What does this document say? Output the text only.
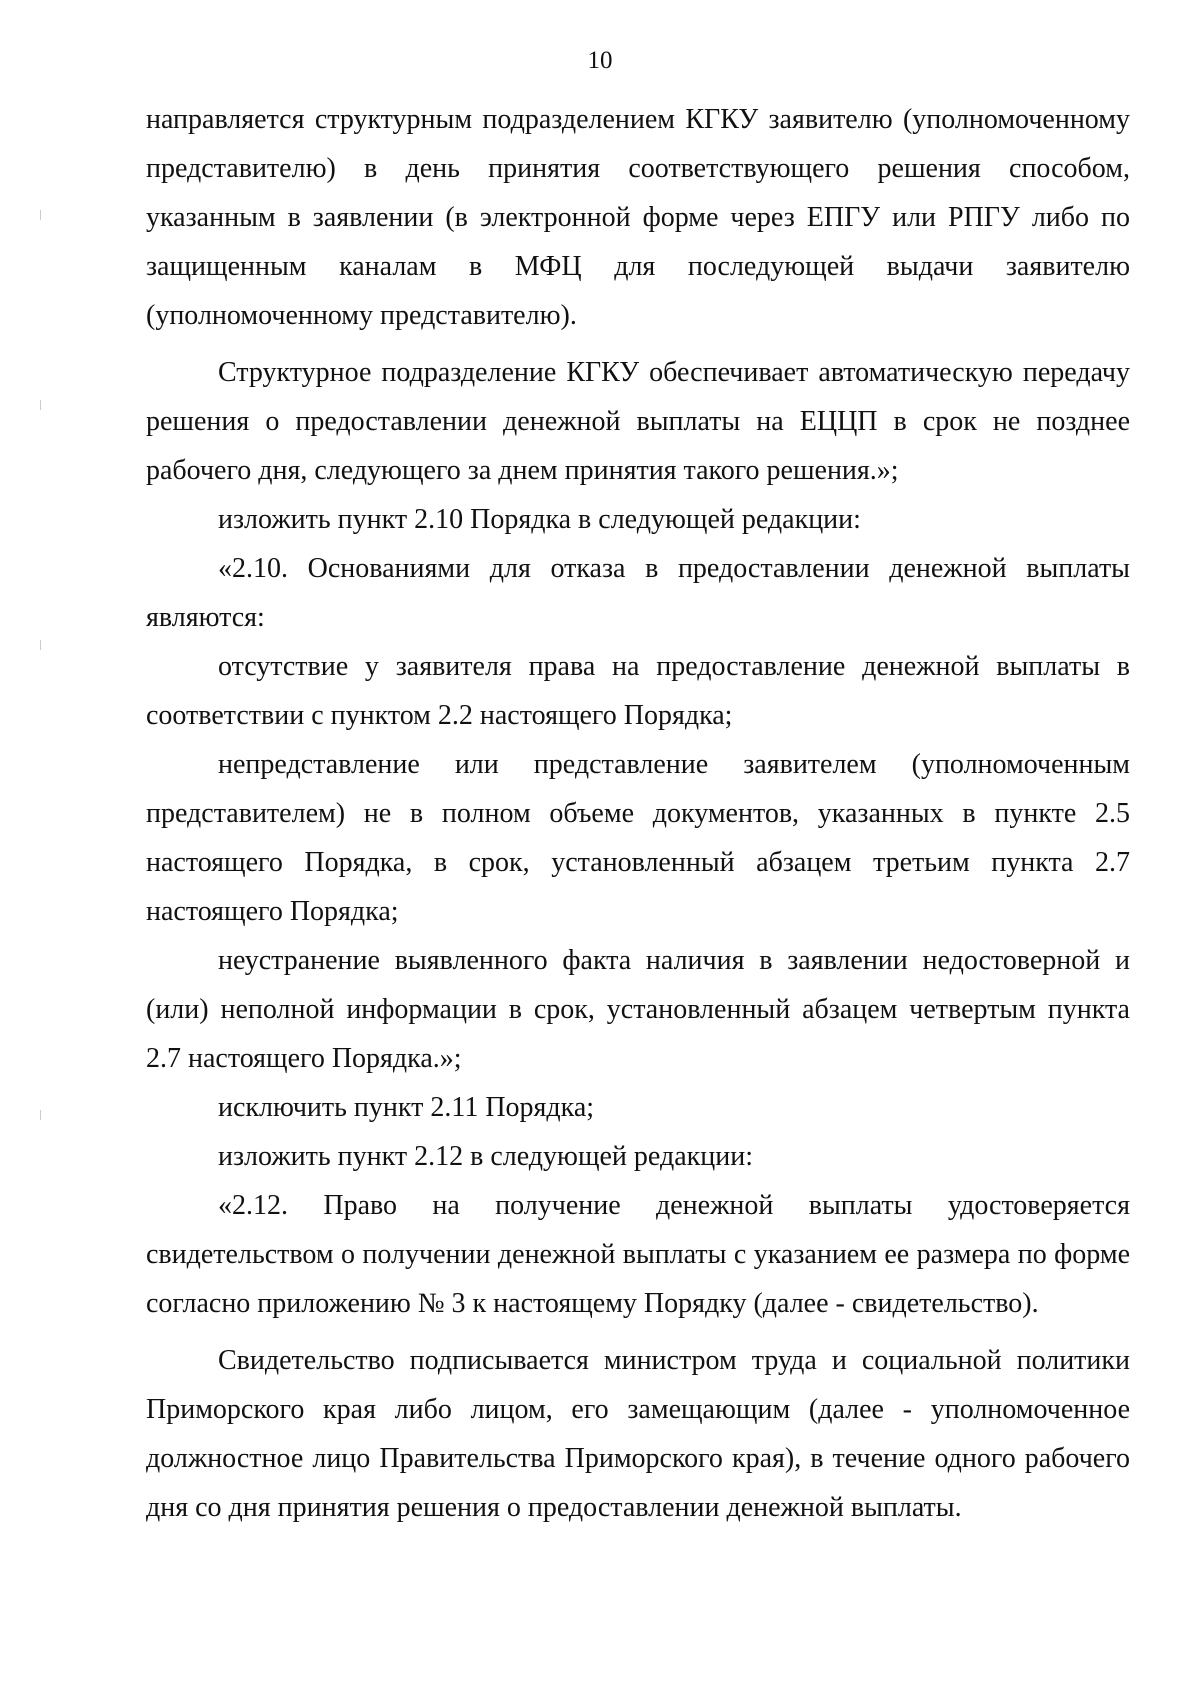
10

направляется структурным подразделением КГКУ заявителю (уполномоченному представителю) в день принятия соответствующего решения способом, указанным в заявлении (в электронной форме через ЕПГУ или РПГУ либо по защищенным каналам в МФЦ для последующей выдачи заявителю (уполномоченному представителю).

Структурное подразделение КГКУ обеспечивает автоматическую передачу решения о предоставлении денежной выплаты на ЕЦЦП в срок не позднее рабочего дня, следующего за днем принятия такого решения.»;

изложить пункт 2.10 Порядка в следующей редакции:

«2.10. Основаниями для отказа в предоставлении денежной выплаты являются:

отсутствие у заявителя права на предоставление денежной выплаты в соответствии с пунктом 2.2 настоящего Порядка;

непредставление или представление заявителем (уполномоченным представителем) не в полном объеме документов, указанных в пункте 2.5 настоящего Порядка, в срок, установленный абзацем третьим пункта 2.7 настоящего Порядка;

неустранение выявленного факта наличия в заявлении недостоверной и (или) неполной информации в срок, установленный абзацем четвертым пункта 2.7 настоящего Порядка.»;

исключить пункт 2.11 Порядка;

изложить пункт 2.12 в следующей редакции:

«2.12. Право на получение денежной выплаты удостоверяется свидетельством о получении денежной выплаты с указанием ее размера по форме согласно приложению № 3 к настоящему Порядку (далее - свидетельство).

Свидетельство подписывается министром труда и социальной политики Приморского края либо лицом, его замещающим (далее - уполномоченное должностное лицо Правительства Приморского края), в течение одного рабочего дня со дня принятия решения о предоставлении денежной выплаты.
